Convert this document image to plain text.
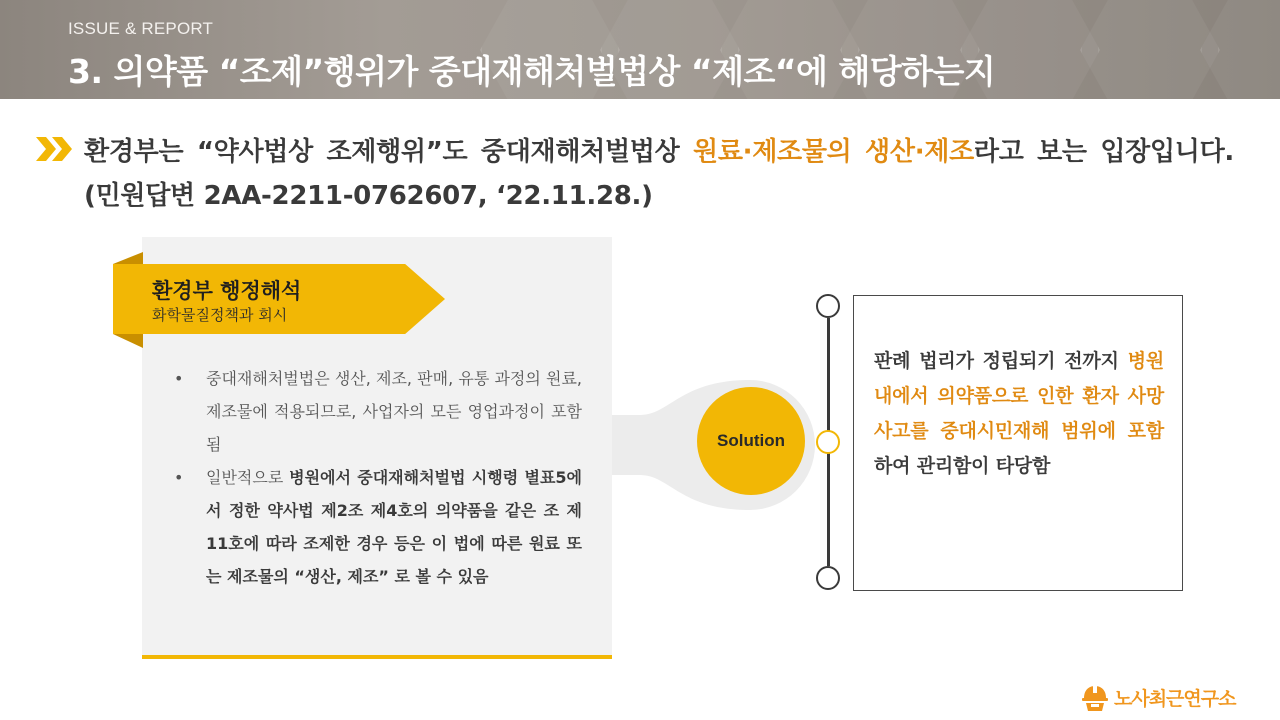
ISSUE & REPORT
3. 의약품 “조제”행위가 중대재해처벌법상 “제조“에 해당하는지
환경부는 “약사법상 조제행위”도 중대재해처벌법상 원료·제조물의 생산·제조라고 보는 입장입니다. (민원답변 2AA-2211-0762607, ‘22.11.28.)
환경부 행정해석
화학물질정책과 회시
• 중대재해처벌법은 생산, 제조, 판매, 유통 과정의 원료, 제조물에 적용되므로, 사업자의 모든 영업과정이 포함됨
• 일반적으로 병원에서 중대재해처벌법 시행령 별표5에서 정한 약사법 제2조 제4호의 의약품을 같은 조 제11호에 따라 조제한 경우 등은 이 법에 따른 원료 또는 제조물의 “생산, 제조” 로 볼 수 있음
Solution
판례 법리가 정립되기 전까지 병원 내에서 의약품으로 인한 환자 사망사고를 중대시민재해 범위에 포함하여 관리함이 타당함
노사최근연구소
